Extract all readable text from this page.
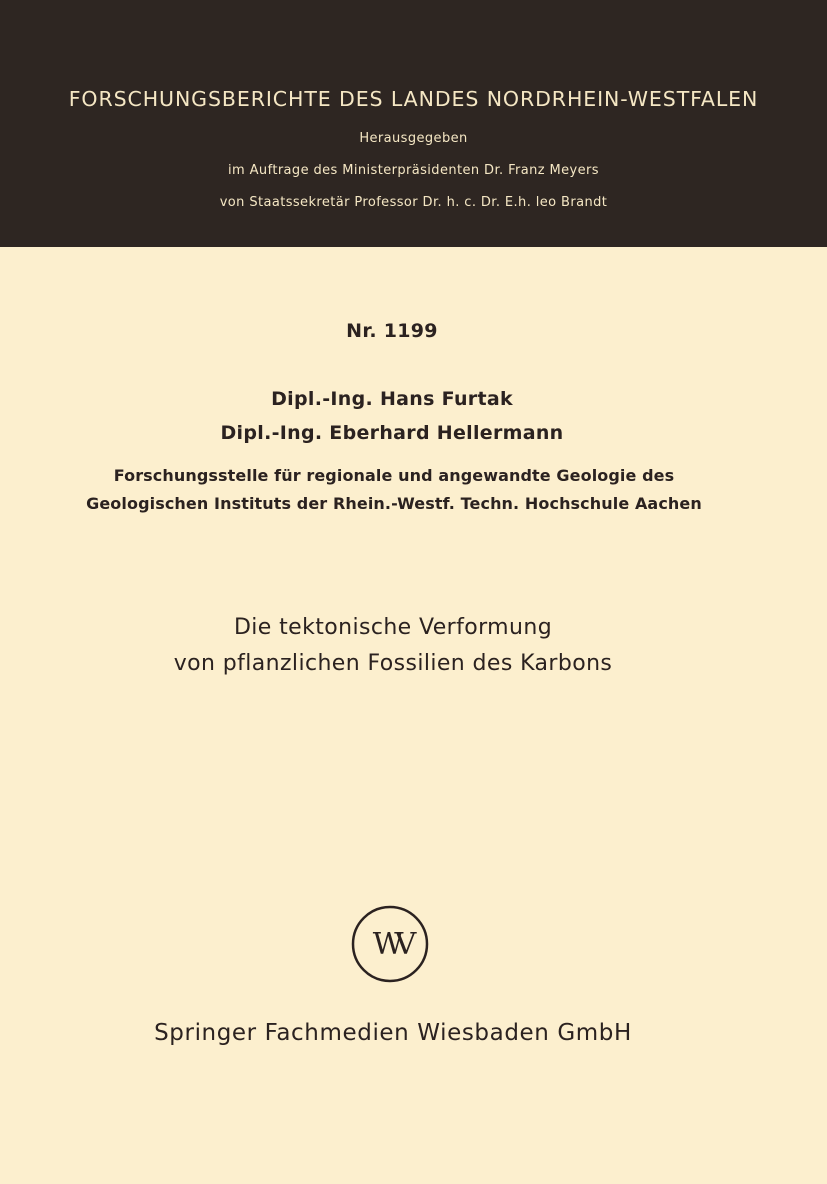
FORSCHUNGSBERICHTE DES LANDES NORDRHEIN-WESTFALEN
Herausgegeben
im Auftrage des Ministerpräsidenten Dr. Franz Meyers
von Staatssekretär Professor Dr. h. c. Dr. E.h. leo Brandt
Nr. 1199
Dipl.-Ing. Hans Furtak
Dipl.-Ing. Eberhard Hellermann
Forschungsstelle für regionale und angewandte Geologie des
Geologischen Instituts der Rhein.-Westf. Techn. Hochschule Aachen
Die tektonische Verformung
von pflanzlichen Fossilien des Karbons
WV
Springer Fachmedien Wiesbaden GmbH
